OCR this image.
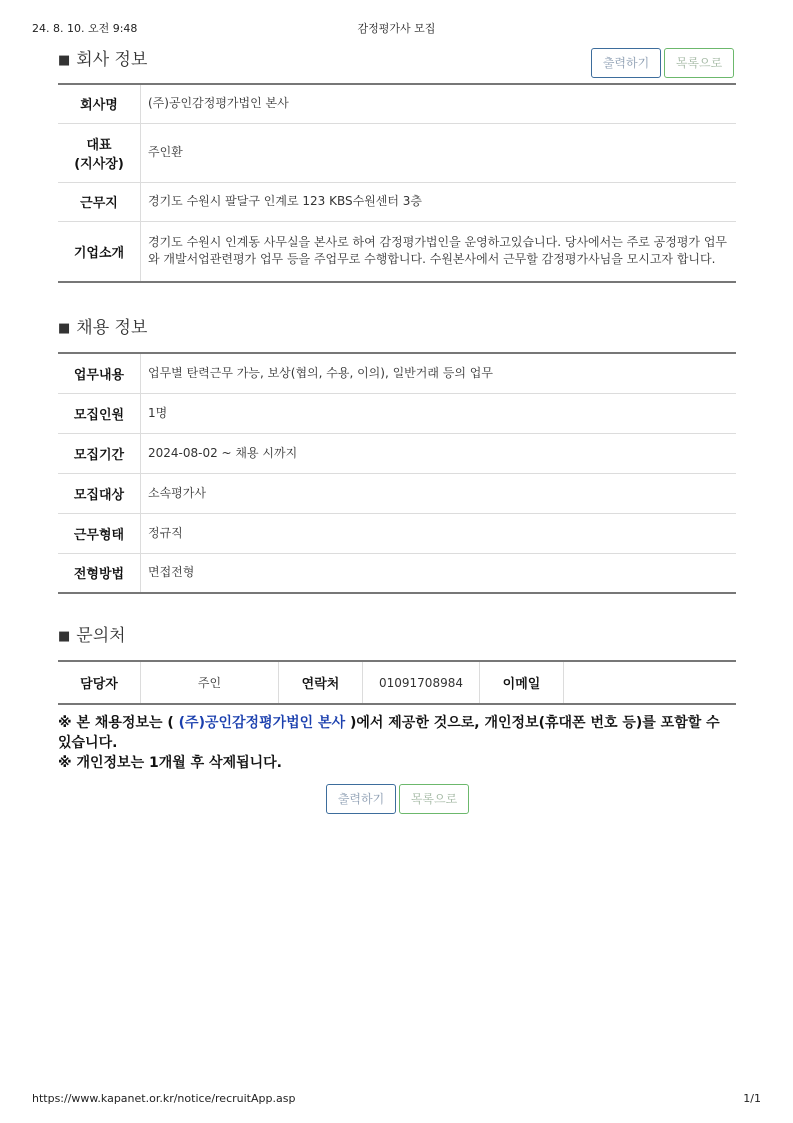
24. 8. 10. 오전 9:48	감정평가사 모집
출력하기	목록으로
■ 회사 정보
회사명	(주)공인감정평가법인 본사
대표
(지사장)	주인환
근무지	경기도 수원시 팔달구 인계로 123 KBS수원센터 3층
기업소개	경기도 수원시 인계동 사무실을 본사로 하여 감정평가법인을 운영하고있습니다. 당사에서는 주로 공정평가 업무와 개발서업관련평가 업무 등을 주업무로 수행합니다. 수원본사에서 근무할 감정평가사님을 모시고자 합니다.
■ 채용 정보
업무내용	업무별 탄력근무 가능, 보상(협의, 수용, 이의), 일반거래 등의 업무
모집인원	1명
모집기간	2024-08-02 ~ 채용 시까지
모집대상	소속평가사
근무형태	정규직
전형방법	면접전형
■ 문의처
담당자	주인	연락처	01091708984	이메일	
※ 본 채용정보는 ( (주)공인감정평가법인 본사 )에서 제공한 것으로, 개인정보(휴대폰 번호 등)를 포함할 수 있습니다.
※ 개인정보는 1개월 후 삭제됩니다.
출력하기	목록으로
https://www.kapanet.or.kr/notice/recruitApp.asp	1/1
